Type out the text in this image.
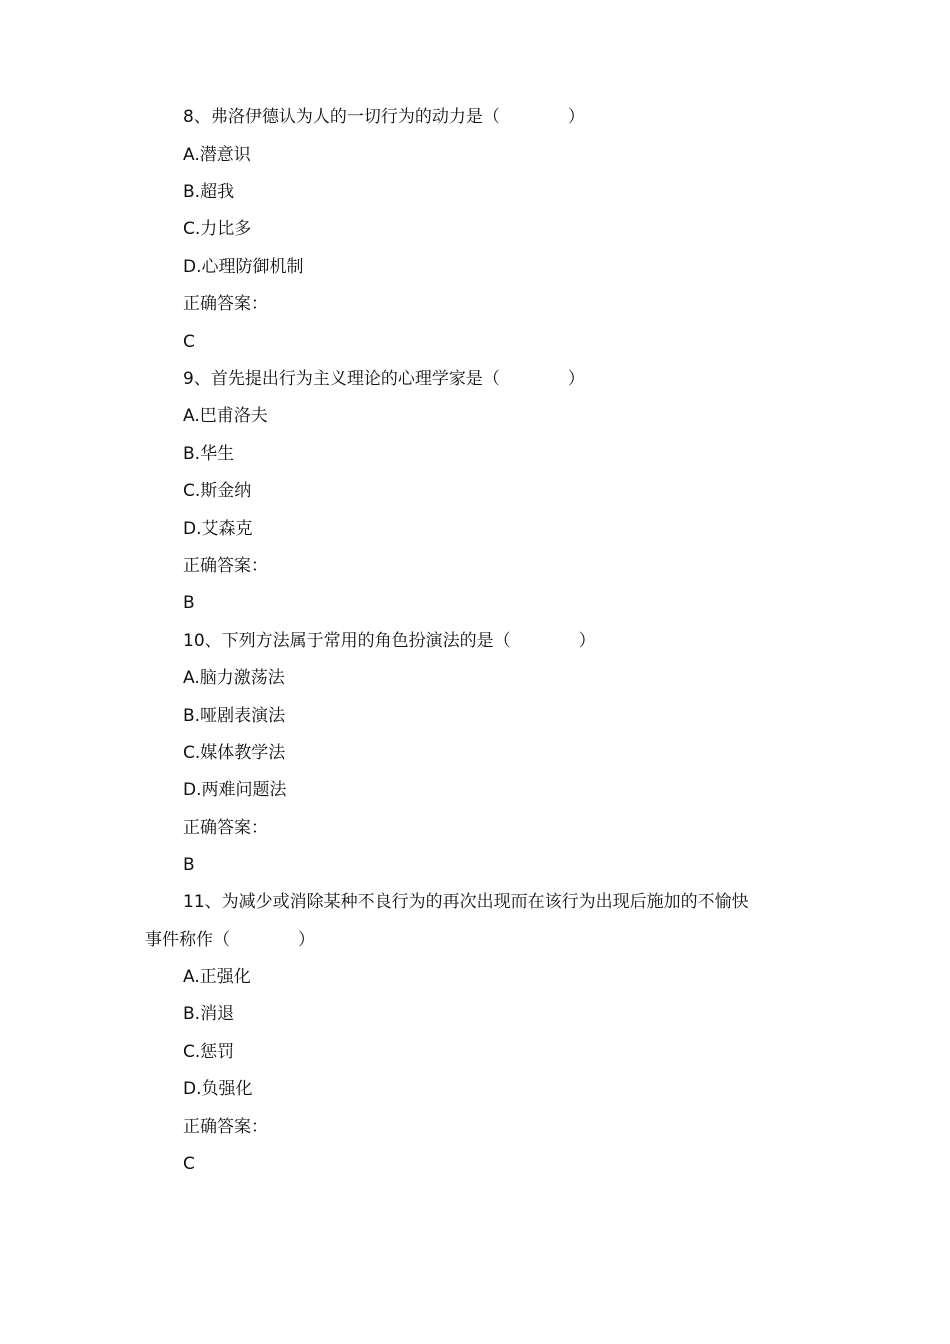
8、弗洛伊德认为人的一切行为的动力是（　　　　）
A.潜意识
B.超我
C.力比多
D.心理防御机制
正确答案：
C
9、首先提出行为主义理论的心理学家是（　　　　）
A.巴甫洛夫
B.华生
C.斯金纳
D.艾森克
正确答案：
B
10、下列方法属于常用的角色扮演法的是（　　　　）
A.脑力激荡法
B.哑剧表演法
C.媒体教学法
D.两难问题法
正确答案：
B
11、为减少或消除某种不良行为的再次出现而在该行为出现后施加的不愉快
事件称作（　　　　）
A.正强化
B.消退
C.惩罚
D.负强化
正确答案：
C
